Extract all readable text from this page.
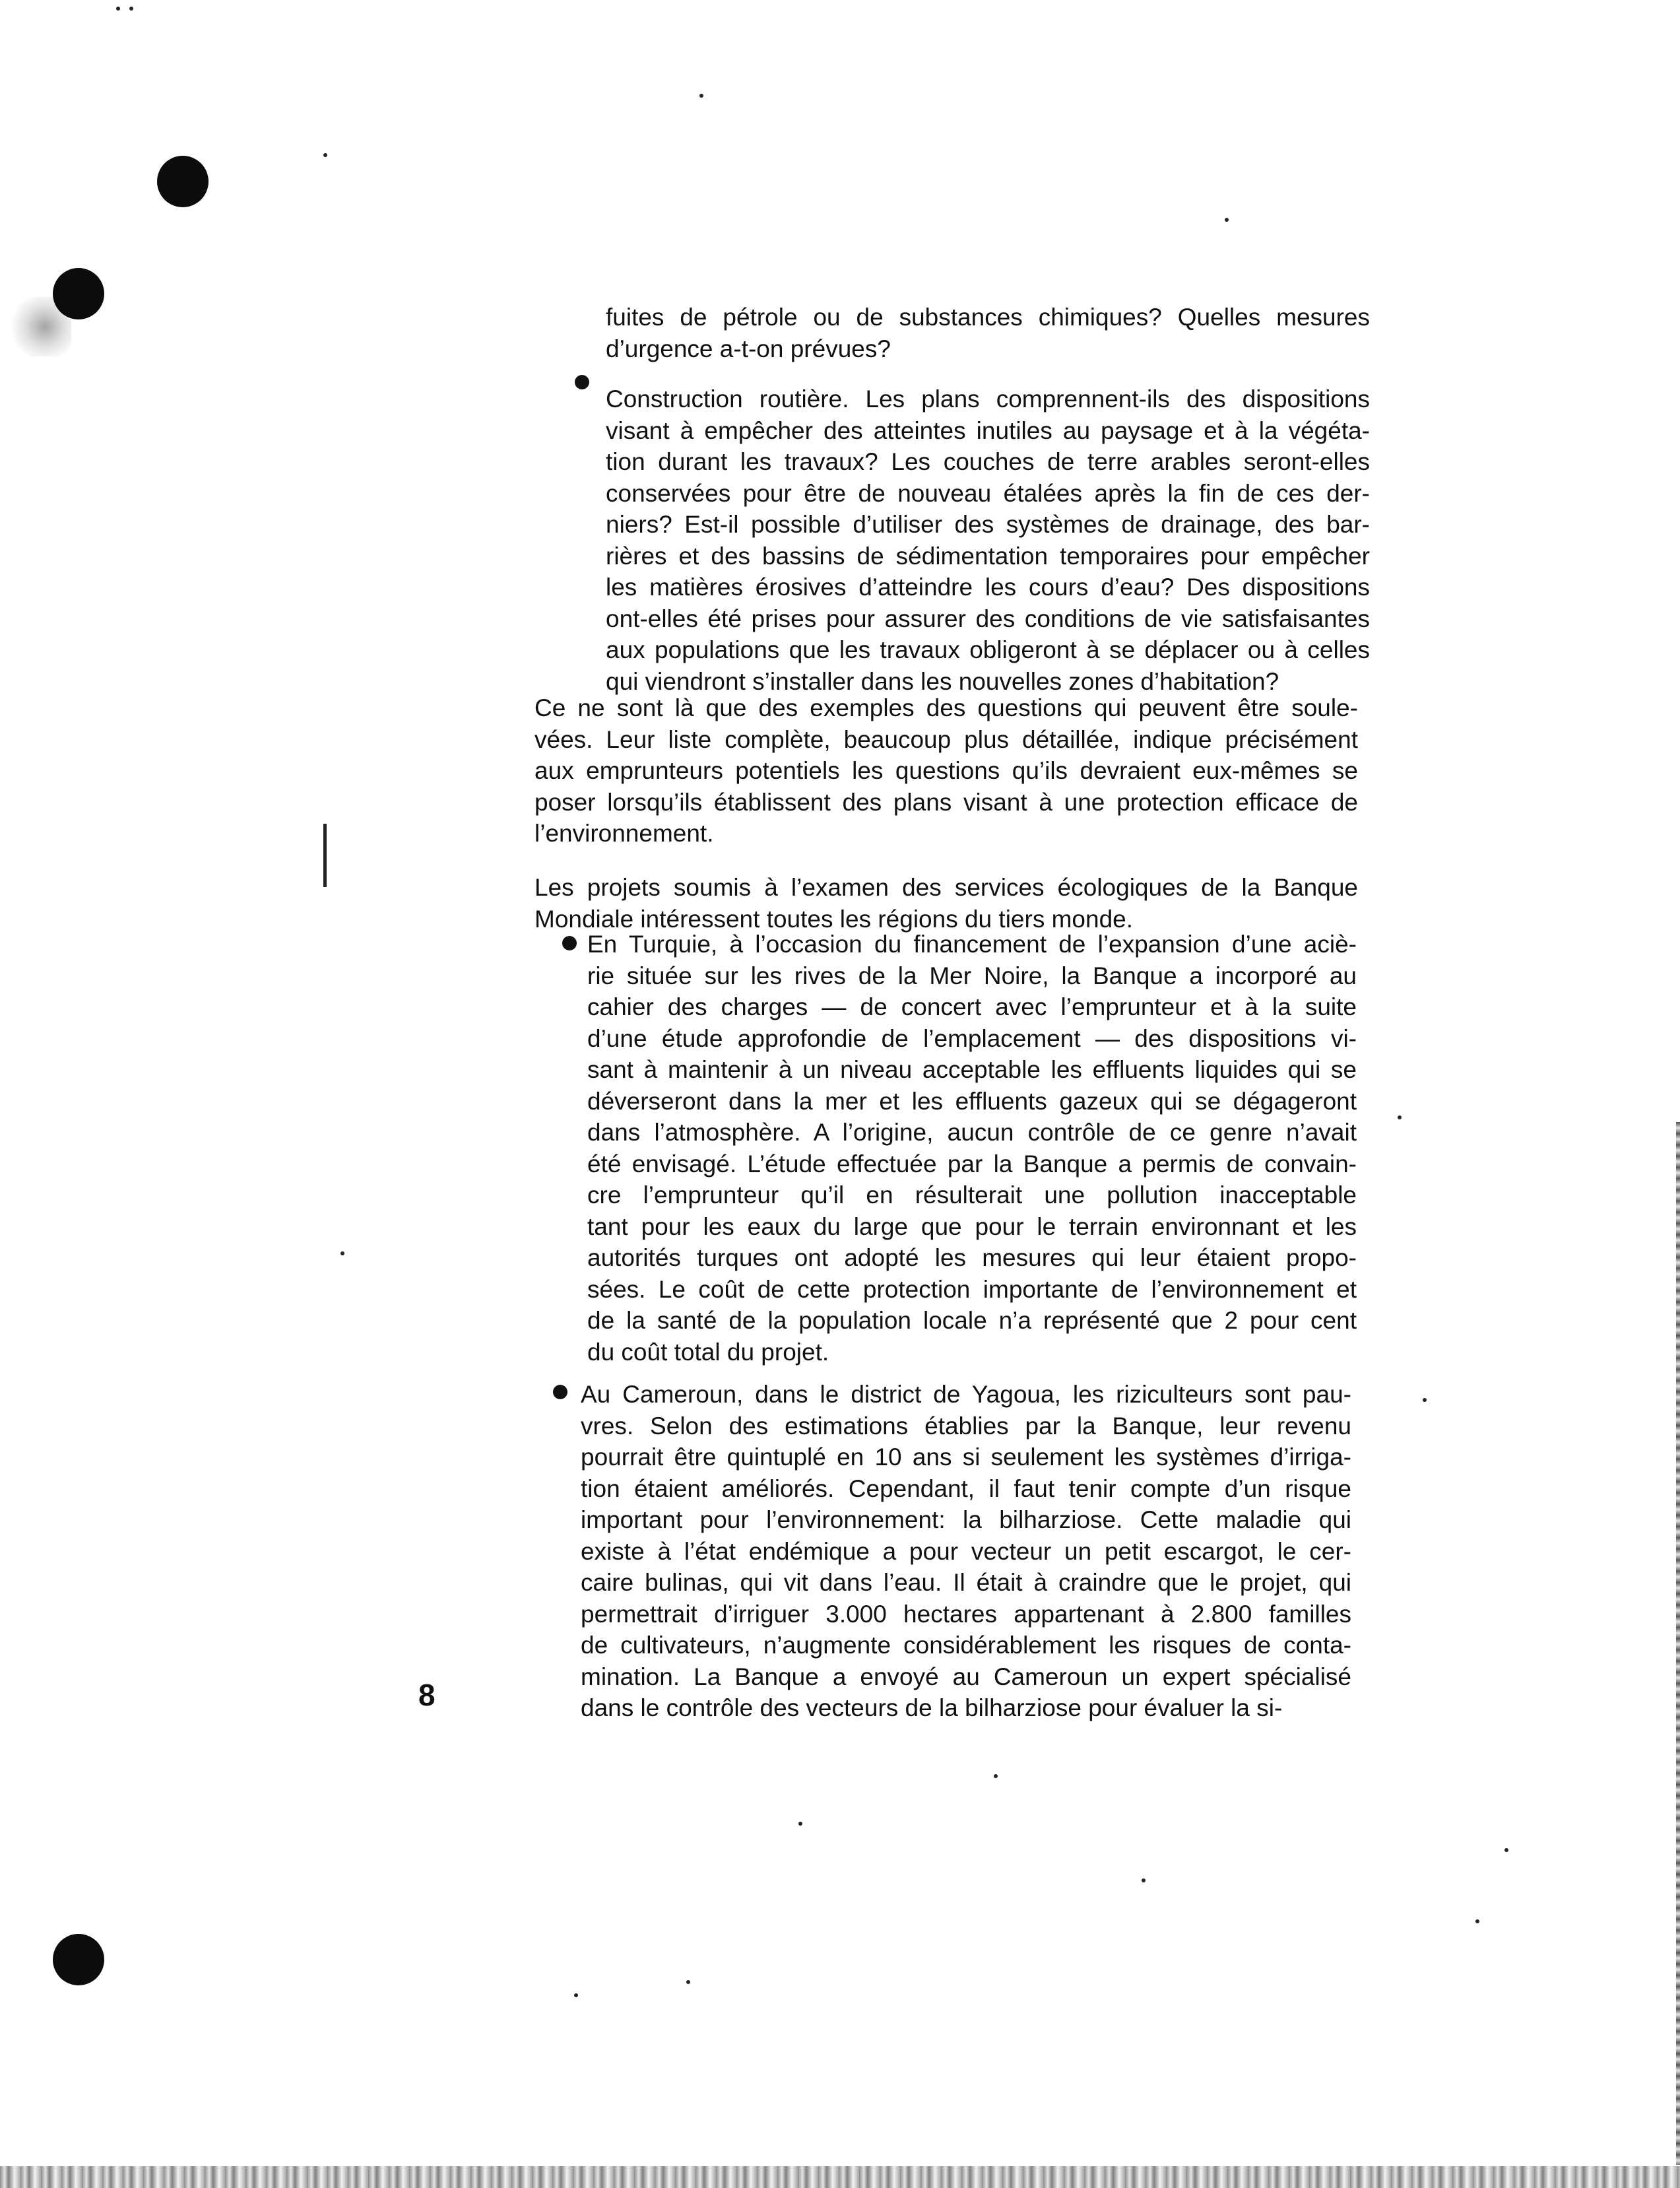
fuites de pétrole ou de substances chimiques? Quelles mesures
d’urgence a-t-on prévues?
Construction routière. Les plans comprennent-ils des dispositions
visant à empêcher des atteintes inutiles au paysage et à la végéta-
tion durant les travaux? Les couches de terre arables seront-elles
conservées pour être de nouveau étalées après la fin de ces der-
niers? Est-il possible d’utiliser des systèmes de drainage, des bar-
rières et des bassins de sédimentation temporaires pour empêcher
les matières érosives d’atteindre les cours d’eau? Des dispositions
ont-elles été prises pour assurer des conditions de vie satisfaisantes
aux populations que les travaux obligeront à se déplacer ou à celles
qui viendront s’installer dans les nouvelles zones d’habitation?
Ce ne sont là que des exemples des questions qui peuvent être soule-
vées. Leur liste complète, beaucoup plus détaillée, indique précisément
aux emprunteurs potentiels les questions qu’ils devraient eux-mêmes se
poser lorsqu’ils établissent des plans visant à une protection efficace de
l’environnement.
Les projets soumis à l’examen des services écologiques de la Banque
Mondiale intéressent toutes les régions du tiers monde.
En Turquie, à l’occasion du financement de l’expansion d’une aciè-
rie située sur les rives de la Mer Noire, la Banque a incorporé au
cahier des charges — de concert avec l’emprunteur et à la suite
d’une étude approfondie de l’emplacement — des dispositions vi-
sant à maintenir à un niveau acceptable les effluents liquides qui se
déverseront dans la mer et les effluents gazeux qui se dégageront
dans l’atmosphère. A l’origine, aucun contrôle de ce genre n’avait
été envisagé. L’étude effectuée par la Banque a permis de convain-
cre l’emprunteur qu’il en résulterait une pollution inacceptable
tant pour les eaux du large que pour le terrain environnant et les
autorités turques ont adopté les mesures qui leur étaient propo-
sées. Le coût de cette protection importante de l’environnement et
de la santé de la population locale n’a représenté que 2 pour cent
du coût total du projet.
Au Cameroun, dans le district de Yagoua, les riziculteurs sont pau-
vres. Selon des estimations établies par la Banque, leur revenu
pourrait être quintuplé en 10 ans si seulement les systèmes d’irriga-
tion étaient améliorés. Cependant, il faut tenir compte d’un risque
important pour l’environnement: la bilharziose. Cette maladie qui
existe à l’état endémique a pour vecteur un petit escargot, le cer-
caire bulinas, qui vit dans l’eau. Il était à craindre que le projet, qui
permettrait d’irriguer 3.000 hectares appartenant à 2.800 familles
de cultivateurs, n’augmente considérablement les risques de conta-
mination. La Banque a envoyé au Cameroun un expert spécialisé
dans le contrôle des vecteurs de la bilharziose pour évaluer la si-
8
